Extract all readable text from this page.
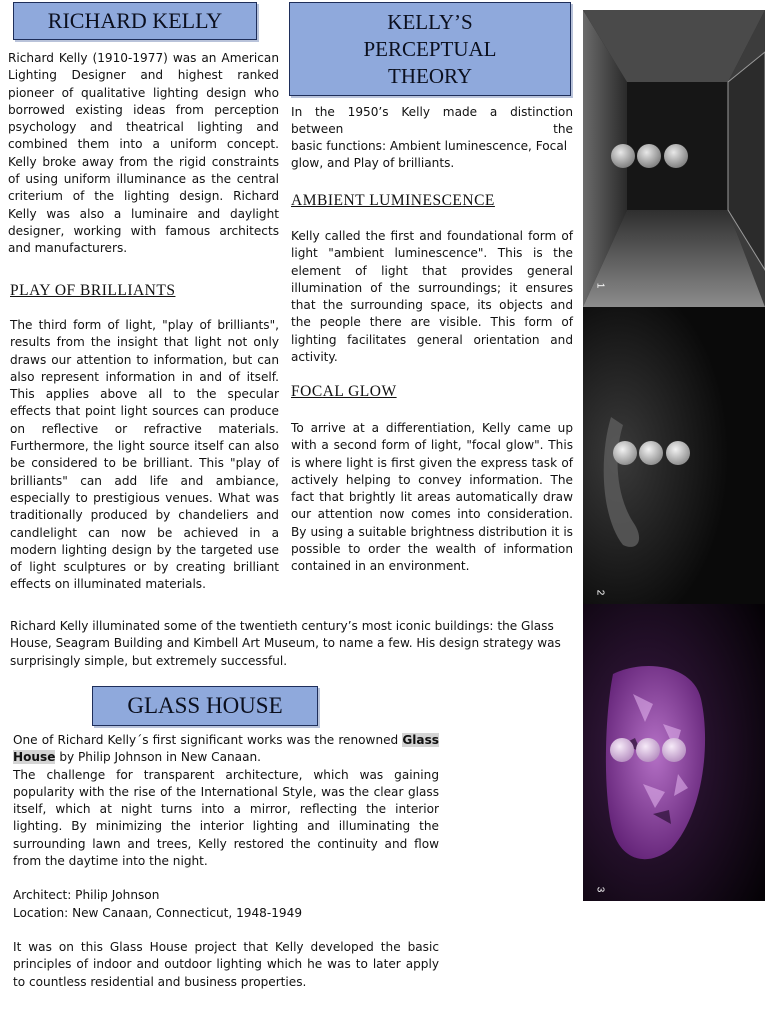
RICHARD KELLY

Richard Kelly (1910-1977) was an American Lighting Designer and highest ranked pioneer of qualitative lighting design who borrowed existing ideas from perception psychology and theatrical lighting and combined them into a uniform concept. Kelly broke away from the rigid constraints of using uniform illuminance as the central criterium of the lighting design. Richard Kelly was also a luminaire and daylight designer, working with famous architects and manufacturers.

PLAY OF BRILLIANTS

The third form of light, "play of brilliants", results from the insight that light not only draws our attention to information, but can also represent information in and of itself. This applies above all to the specular effects that point light sources can produce on reflective or refractive materials. Furthermore, the light source itself can also be considered to be brilliant. This "play of brilliants" can add life and ambiance, especially to prestigious venues. What was traditionally produced by chandeliers and candlelight can now be achieved in a modern lighting design by the targeted use of light sculptures or by creating brilliant effects on illuminated materials.

KELLY’S PERCEPTUAL THEORY

In the 1950’s Kelly made a distinction between the

basic functions: Ambient luminescence, Focal glow, and Play of brilliants.

AMBIENT LUMINESCENCE

Kelly called the first and foundational form of light "ambient luminescence". This is the element of light that provides general illumination of the surroundings; it ensures that the surrounding space, its objects and the people there are visible. This form of lighting facilitates general orientation and activity.

FOCAL GLOW

To arrive at a differentiation, Kelly came up with a second form of light, "focal glow". This is where light is first given the express task of actively helping to convey information. The fact that brightly lit areas automatically draw our attention now comes into consideration. By using a suitable brightness distribution it is possible to order the wealth of information contained in an environment.

Richard Kelly illuminated some of the twentieth century’s most iconic buildings: the Glass House, Seagram Building and Kimbell Art Museum, to name a few. His design strategy was surprisingly simple, but extremely successful.

GLASS HOUSE
One of Richard Kelly´s first significant works was the renowned Glass House by Philip Johnson in New Canaan.
The challenge for transparent architecture, which was gaining popularity with the rise of the International Style, was the clear glass itself, which at night turns into a mirror, reflecting the interior lighting. By minimizing the interior lighting and illuminating the surrounding lawn and trees, Kelly restored the continuity and flow from the daytime into the night.
Architect: Philip Johnson
Location: New Canaan, Connecticut, 1948-1949
It was on this Glass House project that Kelly developed the basic principles of indoor and outdoor lighting which he was to later apply to countless residential and business properties.
1
2
3
